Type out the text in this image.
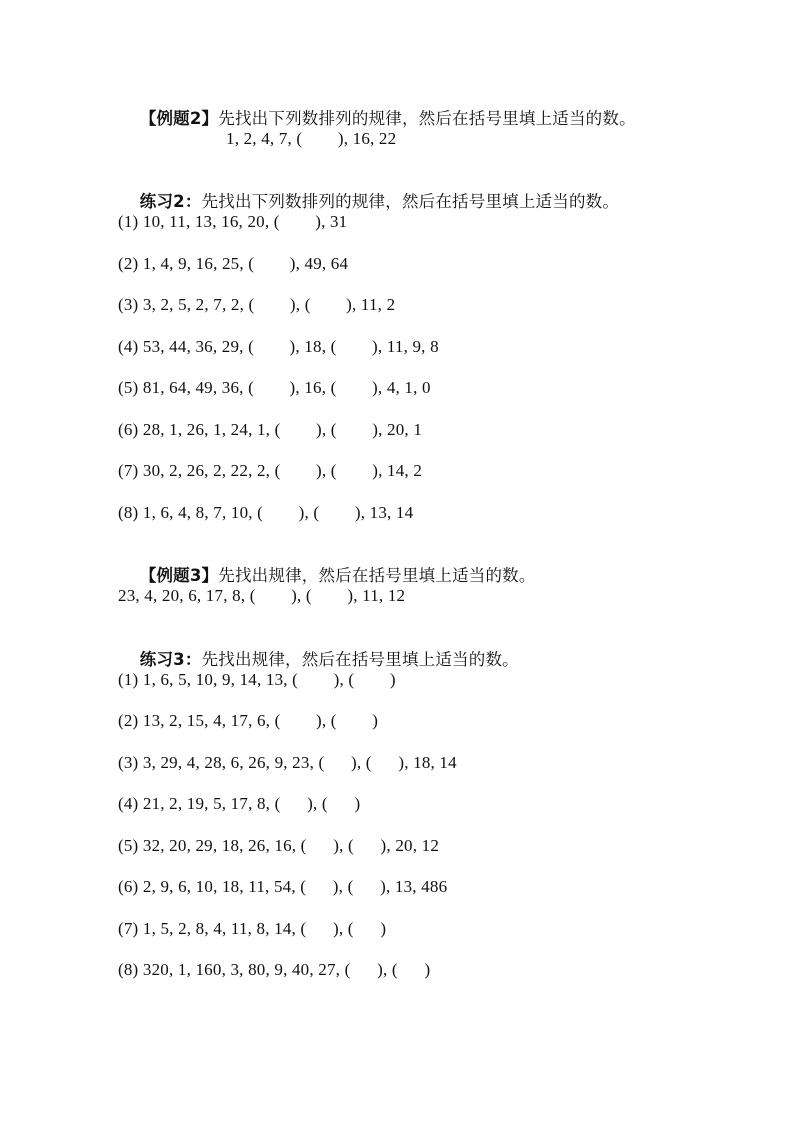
【例题2】先找出下列数排列的规律，然后在括号里填上适当的数。

1, 2, 4, 7, (        ), 16, 22

练习2：先找出下列数排列的规律，然后在括号里填上适当的数。

(1) 10, 11, 13, 16, 20, (        ), 31
(2) 1, 4, 9, 16, 25, (        ), 49, 64
(3) 3, 2, 5, 2, 7, 2, (        ), (        ), 11, 2
(4) 53, 44, 36, 29, (        ), 18, (        ), 11, 9, 8
(5) 81, 64, 49, 36, (        ), 16, (        ), 4, 1, 0
(6) 28, 1, 26, 1, 24, 1, (        ), (        ), 20, 1
(7) 30, 2, 26, 2, 22, 2, (        ), (        ), 14, 2
(8) 1, 6, 4, 8, 7, 10, (        ), (        ), 13, 14

【例题3】先找出规律，然后在括号里填上适当的数。

23, 4, 20, 6, 17, 8, (        ), (        ), 11, 12

练习3：先找出规律，然后在括号里填上适当的数。

(1) 1, 6, 5, 10, 9, 14, 13, (        ), (        )
(2) 13, 2, 15, 4, 17, 6, (        ), (        )
(3) 3, 29, 4, 28, 6, 26, 9, 23, (      ), (      ), 18, 14
(4) 21, 2, 19, 5, 17, 8, (      ), (      )
(5) 32, 20, 29, 18, 26, 16, (      ), (      ), 20, 12
(6) 2, 9, 6, 10, 18, 11, 54, (      ), (      ), 13, 486
(7) 1, 5, 2, 8, 4, 11, 8, 14, (      ), (      )
(8) 320, 1, 160, 3, 80, 9, 40, 27, (      ), (      )
